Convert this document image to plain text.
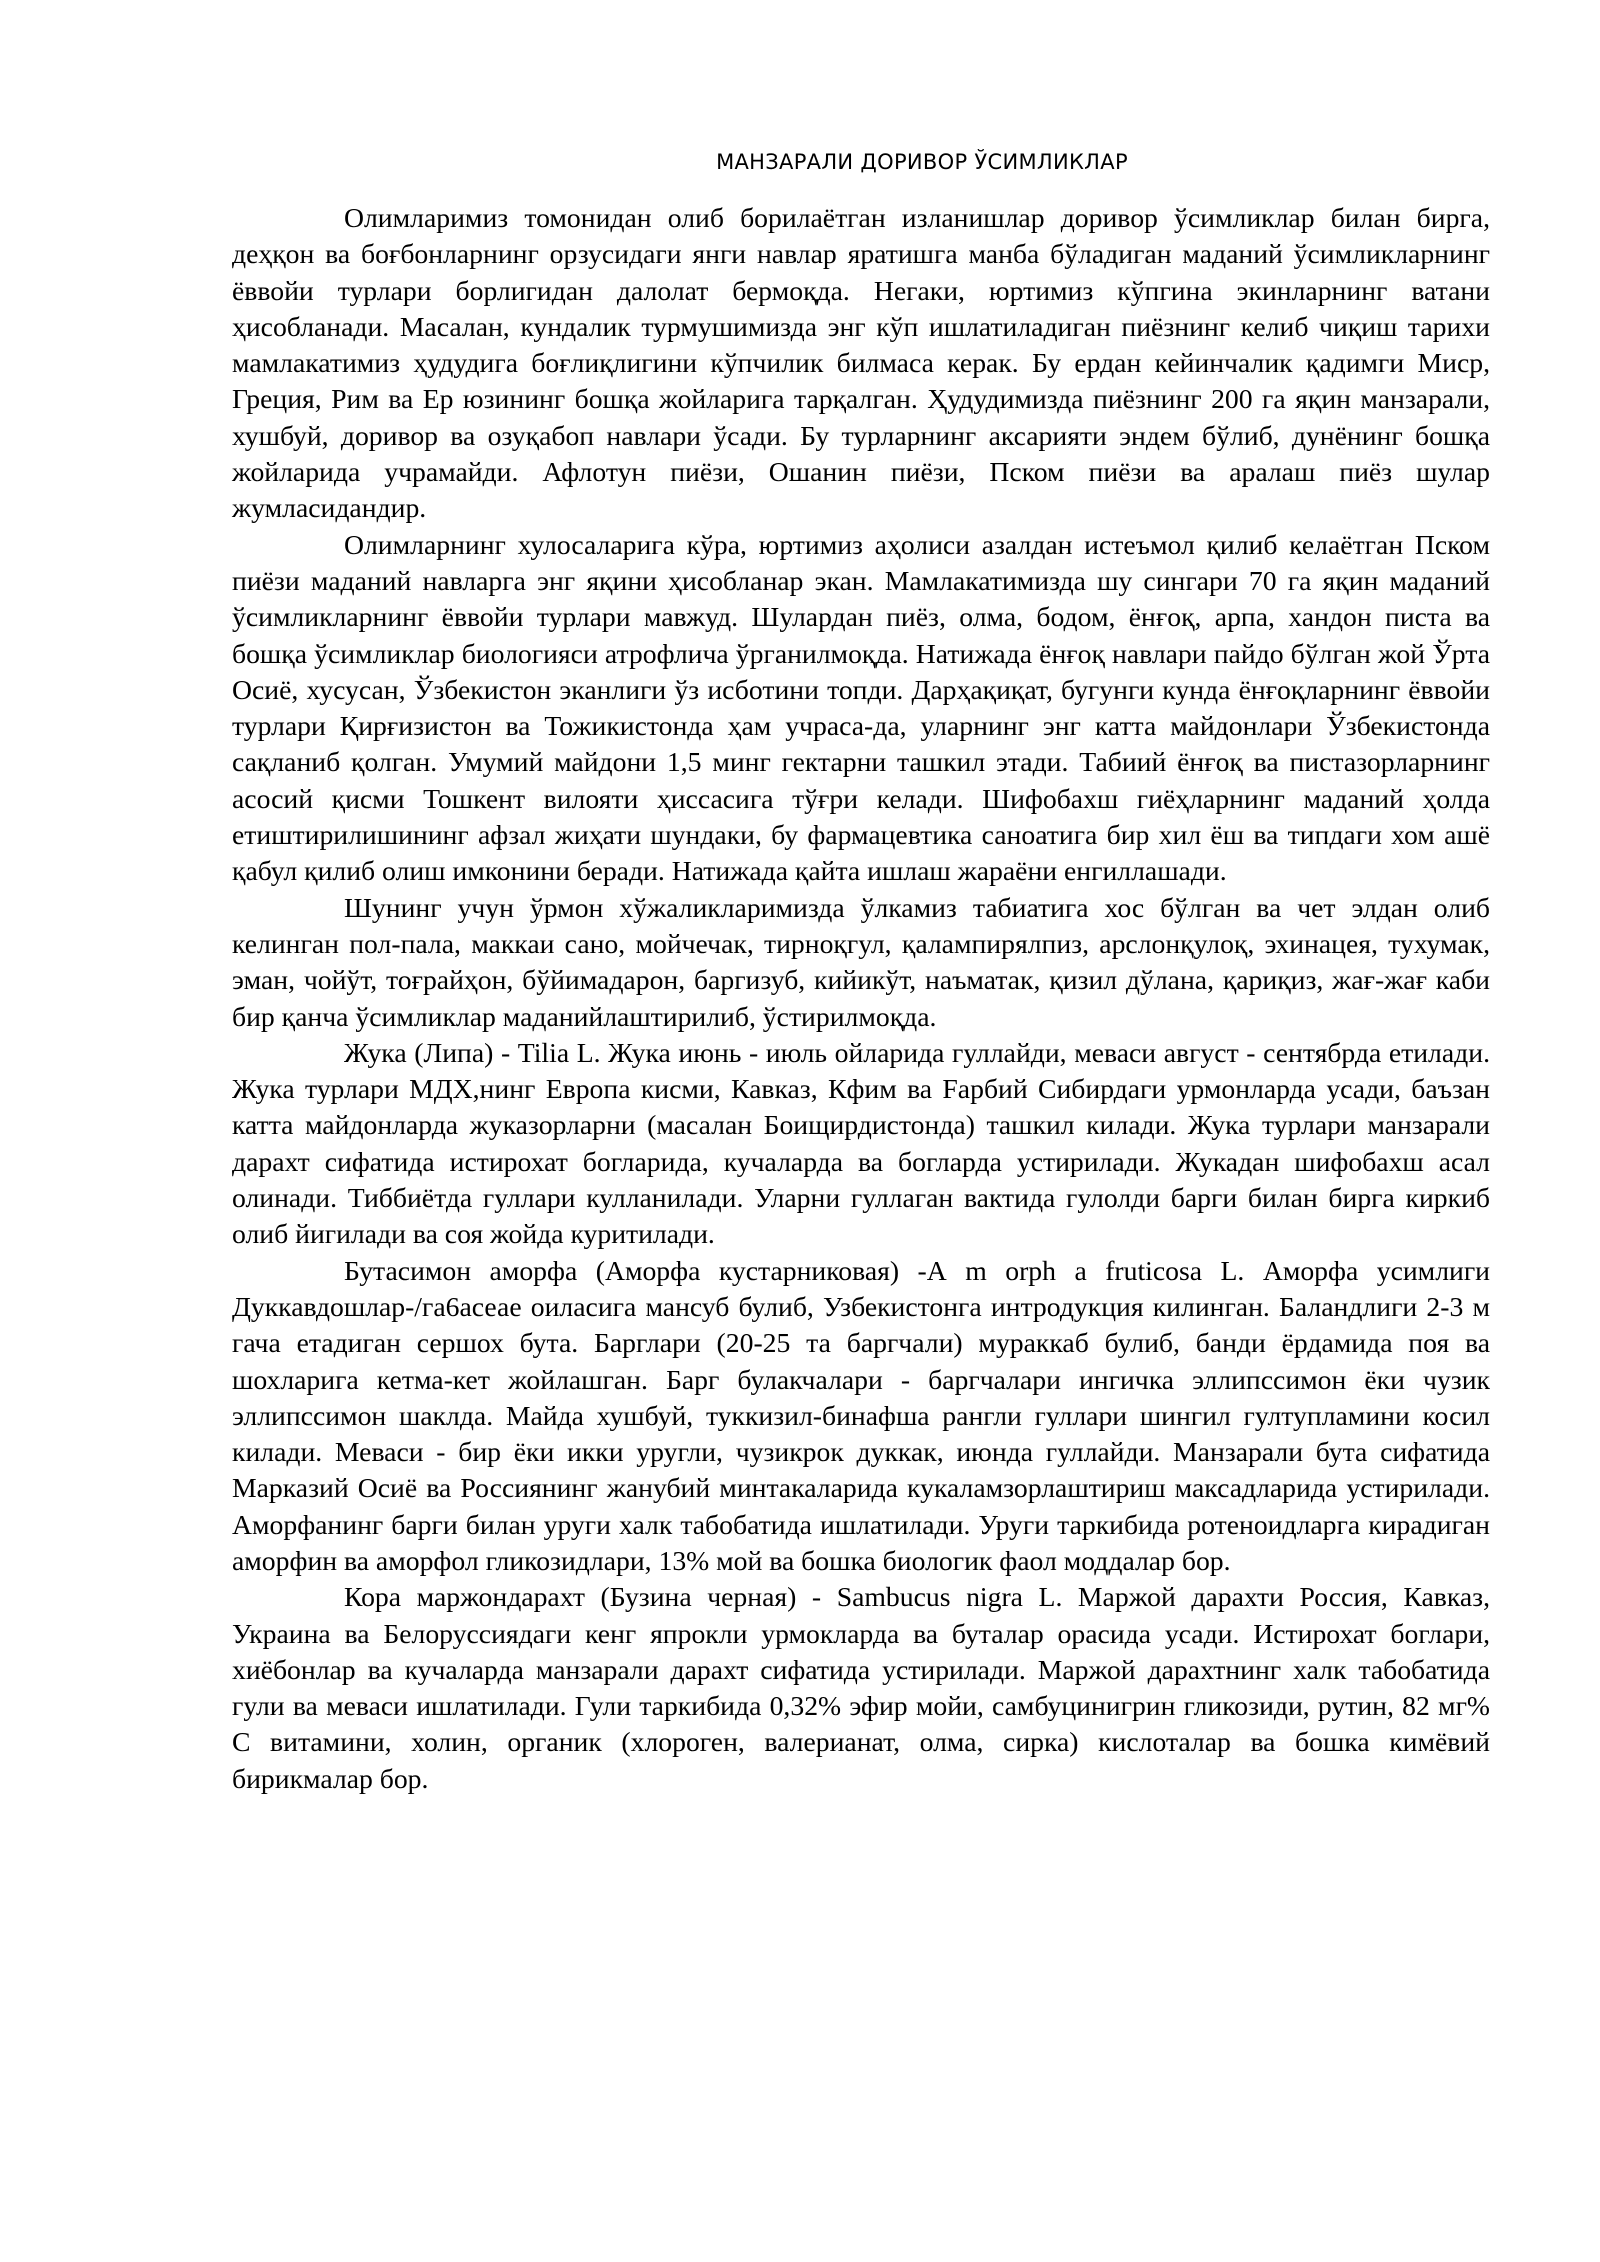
МАНЗАРАЛИ ДОРИВОР ЎСИМЛИКЛАР

Олимларимиз томонидан олиб борилаётган изланишлар доривор ўсимликлар билан бирга, деҳқон ва боғбонларнинг орзусидаги янги навлар яратишга манба бўладиган маданий ўсимликларнинг ёввойи турлари борлигидан далолат бермоқда. Негаки, юртимиз кўпгина экинларнинг ватани ҳисобланади. Масалан, кундалик турмушимизда энг кўп ишлатиладиган пиёзнинг келиб чиқиш тарихи мамлакатимиз ҳудудига боғлиқлигини кўпчилик билмаса керак. Бу ердан кейинчалик қадимги Миср, Греция, Рим ва Ер юзининг бошқа жойларига тарқалган. Ҳудудимизда пиёзнинг 200 га яқин манзарали, хушбуй, доривор ва озуқабоп навлари ўсади. Бу турларнинг аксарияти эндем бўлиб, дунёнинг бошқа жойларида учрамайди. Афлотун пиёзи, Ошанин пиёзи, Пском пиёзи ва аралаш пиёз шулар жумласидандир.

Олимларнинг хулосаларига кўра, юртимиз аҳолиси азалдан истеъмол қилиб келаётган Пском пиёзи маданий навларга энг яқини ҳисобланар экан. Мамлакатимизда шу сингари 70 га яқин маданий ўсимликларнинг ёввойи турлари мавжуд. Шулардан пиёз, олма, бодом, ёнғоқ, арпа, хандон писта ва бошқа ўсимликлар биологияси атрофлича ўрганилмоқда. Натижада ёнғоқ навлари пайдо бўлган жой Ўрта Осиё, хусусан, Ўзбекистон эканлиги ўз исботини топди. Дарҳақиқат, бугунги кунда ёнғоқларнинг ёввойи турлари Қирғизистон ва Тожикистонда ҳам учраса-да, уларнинг энг катта майдонлари Ўзбекистонда сақланиб қолган. Умумий майдони 1,5 минг гектарни ташкил этади. Табиий ёнғоқ ва пистазорларнинг асосий қисми Тошкент вилояти ҳиссасига тўғри келади. Шифобахш гиёҳларнинг маданий ҳолда етиштирилишининг афзал жиҳати шундаки, бу фармацевтика саноатига бир хил ёш ва типдаги хом ашё қабул қилиб олиш имконини беради. Натижада қайта ишлаш жараёни енгиллашади.

Шунинг учун ўрмон хўжаликларимизда ўлкамиз табиатига хос бўлган ва чет элдан олиб келинган пол-пала, маккаи сано, мойчечак, тирноқгул, қалампирялпиз, арслонқулоқ, эхинацея, тухумак, эман, чойўт, тоғрайҳон, бўйимадарон, баргизуб, кийикўт, наъматак, қизил дўлана, қариқиз, жағ-жағ каби бир қанча ўсимликлар маданийлаштирилиб, ўстирилмоқда.

Жука (Липа) - Tilia L. Жука июнь - июль ойларида гуллайди, меваси август - сентябрда етилади. Жука турлари МДХ,нинг Европа кисми, Кавказ, Кфим ва Fарбий Сибирдаги урмонларда усади, баъзан катта майдонларда жуказорларни (масалан Боищирдистонда) ташкил килади. Жука турлари манзарали дарахт сифатида истирохат богларида, кучаларда ва богларда устирилади. Жукадан шифобахш асал олинади. Тиббиётда гуллари кулланилади. Уларни гуллаган вактида гулолди барги билан бирга киркиб олиб йигилади ва соя жойда куритилади.

Бутасимон аморфа (Аморфа кустарниковая) -А m orph a fruticosa L. Аморфа усимлиги Дуккавдошлар-/га6асеае оиласига мансуб булиб, Узбекистонга интродукция килинган. Баландлиги 2-3 м гача етадиган сершох бута. Барглари (20-25 та баргчали) мураккаб булиб, банди ёрдамида поя ва шохларига кетма-кет жойлашган. Барг булакчалари - баргчалари ингичка эллипссимон ёки чузик эллипссимон шаклда. Майда хушбуй, туккизил-бинафша рангли гуллари шингил гултупламини косил килади. Меваси - бир ёки икки уругли, чузикрок дуккак, июнда гуллайди. Манзарали бута сифатида Марказий Осиё ва Россиянинг жанубий минтакаларида кукаламзорлаштириш максадларида устирилади. Аморфанинг барги билан уруги халк табобатида ишлатилади. Уруги таркибида ротеноидларга кирадиган аморфин ва аморфол гликозидлари, 13% мой ва бошка биологик фаол моддалар бор.

Кора маржондарахт (Бузина черная) - Sambucus nigra L. Маржой дарахти Россия, Кавказ, Украина ва Белоруссиядаги кенг япрокли урмокларда ва буталар орасида усади. Истирохат боглари, хиёбонлар ва кучаларда манзарали дарахт сифатида устирилади. Маржой дарахтнинг халк табобатида гули ва меваси ишлатилади. Гули таркибида 0,32% эфир мойи, самбуцинигрин гликозиди, рутин, 82 мг% С витамини, холин, органик (хлороген, валерианат, олма, сирка) кислоталар ва бошка кимёвий бирикмалар бор.
